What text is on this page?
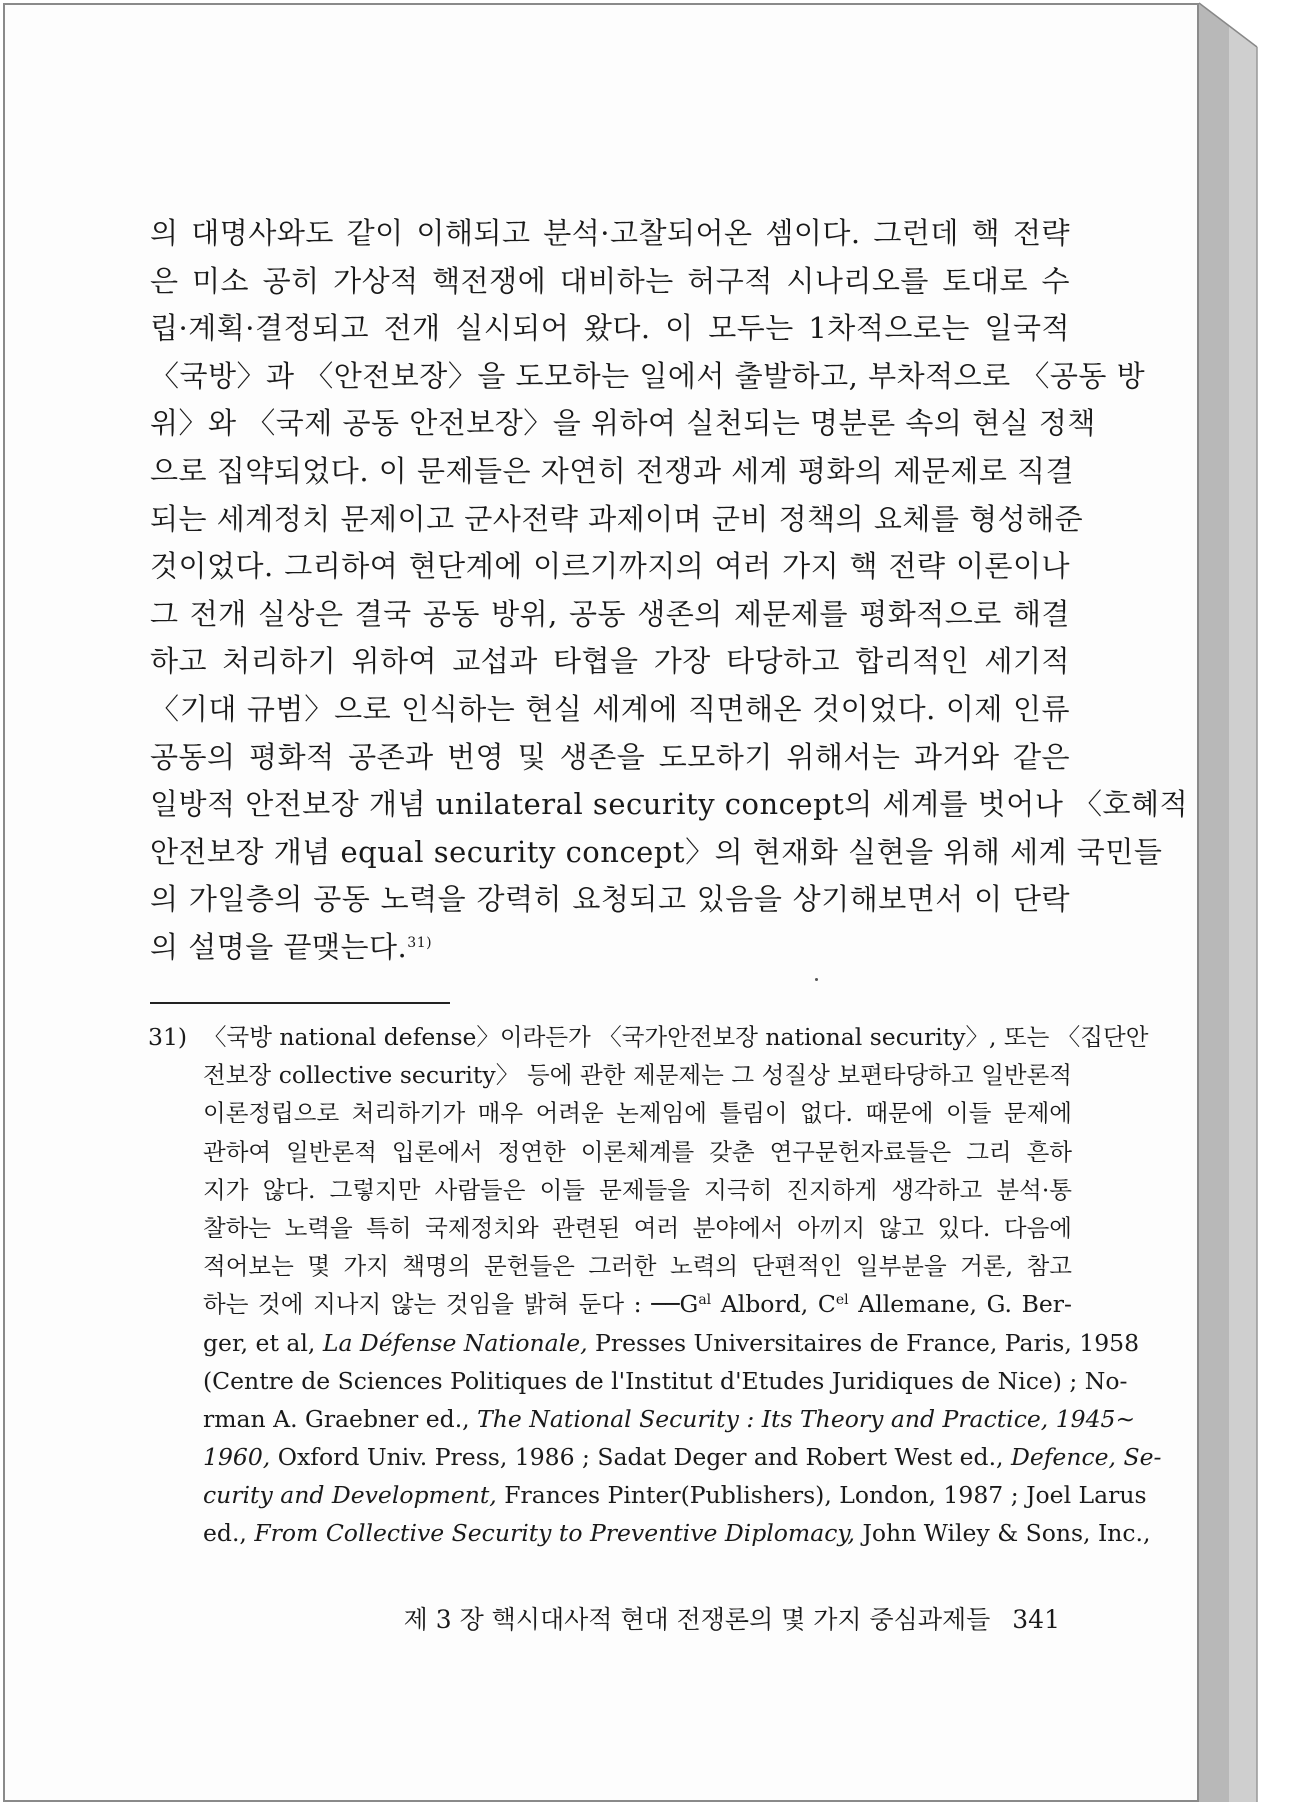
의 대명사와도 같이 이해되고 분석·고찰되어온 셈이다. 그런데 핵 전략
은 미소 공히 가상적 핵전쟁에 대비하는 허구적 시나리오를 토대로 수
립·계획·결정되고 전개 실시되어 왔다. 이 모두는 1차적으로는 일국적
〈국방〉과 〈안전보장〉을 도모하는 일에서 출발하고, 부차적으로 〈공동 방
위〉와 〈국제 공동 안전보장〉을 위하여 실천되는 명분론 속의 현실 정책
으로 집약되었다. 이 문제들은 자연히 전쟁과 세계 평화의 제문제로 직결
되는 세계정치 문제이고 군사전략 과제이며 군비 정책의 요체를 형성해준
것이었다. 그리하여 현단계에 이르기까지의 여러 가지 핵 전략 이론이나
그 전개 실상은 결국 공동 방위, 공동 생존의 제문제를 평화적으로 해결
하고 처리하기 위하여 교섭과 타협을 가장 타당하고 합리적인 세기적
〈기대 규범〉으로 인식하는 현실 세계에 직면해온 것이었다. 이제 인류
공동의 평화적 공존과 번영 및 생존을 도모하기 위해서는 과거와 같은
일방적 안전보장 개념 unilateral security concept의 세계를 벗어나 〈호혜적
안전보장 개념 equal security concept〉의 현재화 실현을 위해 세계 국민들
의 가일층의 공동 노력을 강력히 요청되고 있음을 상기해보면서 이 단락
의 설명을 끝맺는다.$^{31)}$
31) 〈국방 national defense〉이라든가 〈국가안전보장 national security〉, 또는 〈집단안
전보장 collective security〉 등에 관한 제문제는 그 성질상 보편타당하고 일반론적
이론정립으로 처리하기가 매우 어려운 논제임에 틀림이 없다. 때문에 이들 문제에
관하여 일반론적 입론에서 정연한 이론체계를 갖춘 연구문헌자료들은 그리 흔하
지가 않다. 그렇지만 사람들은 이들 문제들을 지극히 진지하게 생각하고 분석·통
찰하는 노력을 특히 국제정치와 관련된 여러 분야에서 아끼지 않고 있다. 다음에
적어보는 몇 가지 책명의 문헌들은 그러한 노력의 단편적인 일부분을 거론, 참고
하는 것에 지나지 않는 것임을 밝혀 둔다 : $──G^{al}$ Albord, $C^{el}$ Allemane, G. Ber-
ger, et al, La Défense Nationale, Presses Universitaires de France, Paris, 1958
(Centre de Sciences Politiques de l'Institut d'Etudes Juridiques de Nice) ; No-
rman A. Graebner ed., The National Security : Its Theory and Practice, 1945∼
1960, Oxford Univ. Press, 1986 ; Sadat Deger and Robert West ed., Defence, Se-
curity and Development, Frances Pinter(Publishers), London, 1987 ; Joel Larus
ed., From Collective Security to Preventive Diplomacy, John Wiley & Sons, Inc.,
제 3 장 핵시대사적 현대 전쟁론의 몇 가지 중심과제들 341
